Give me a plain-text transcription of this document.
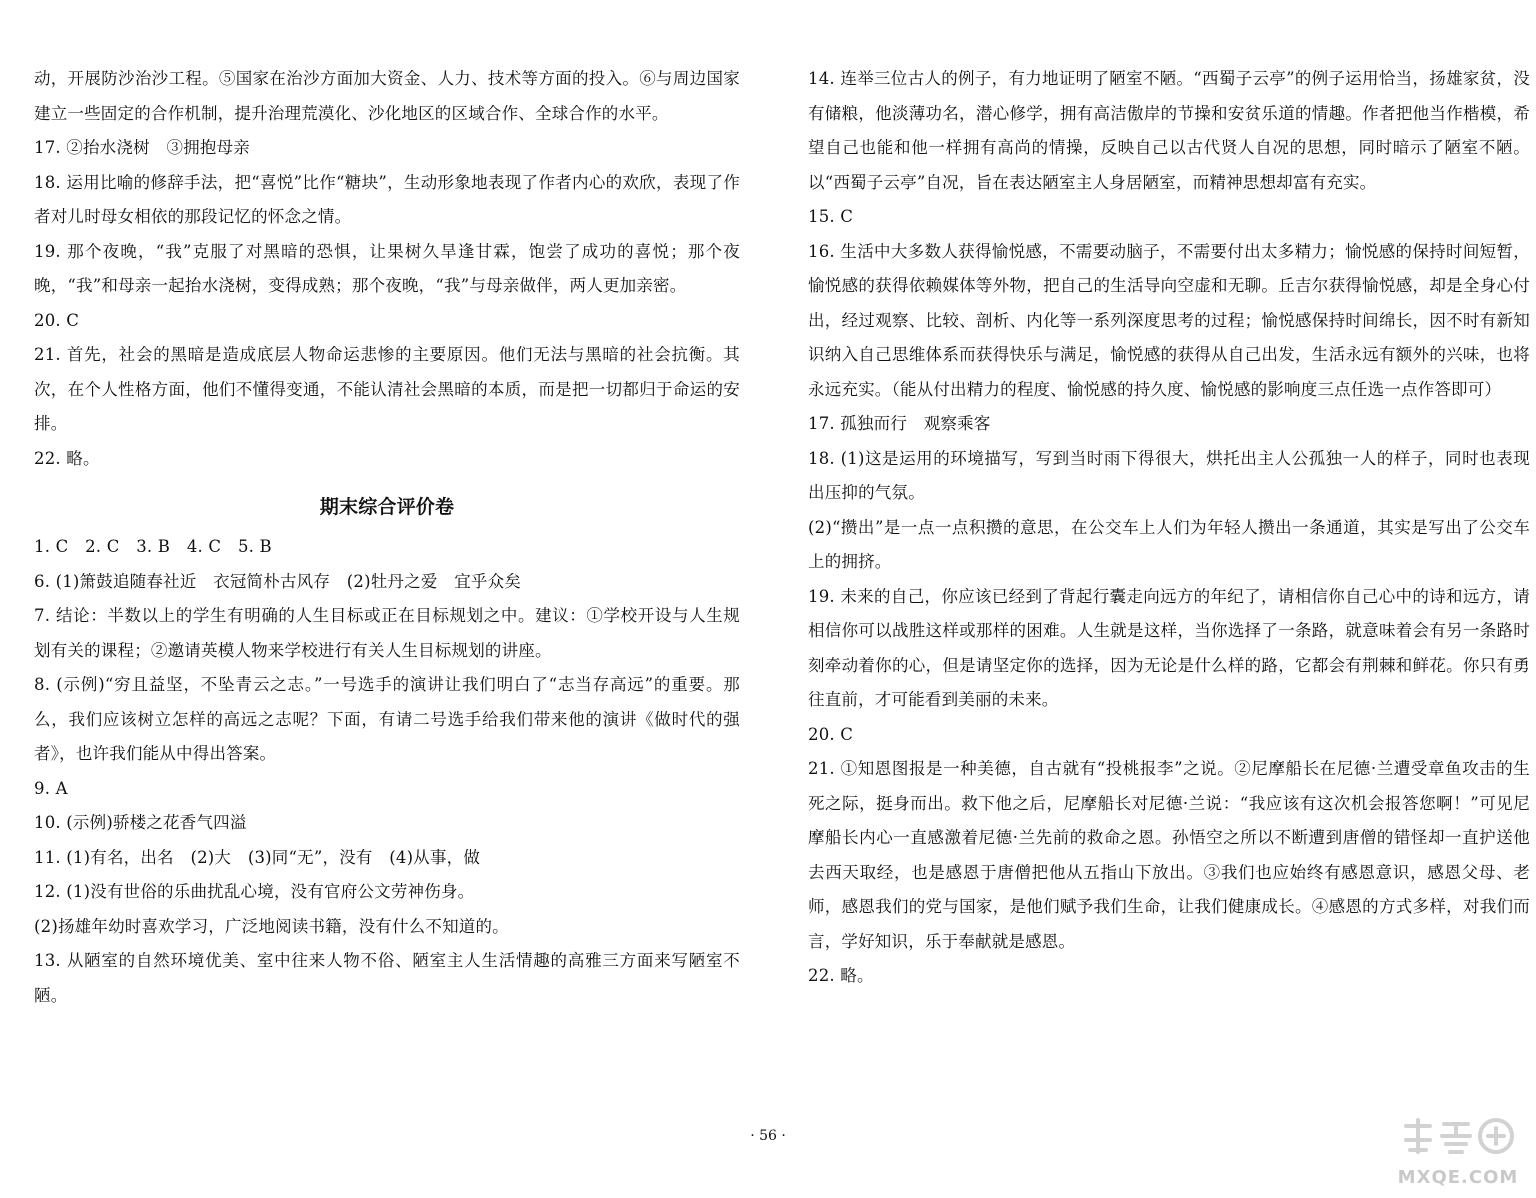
动，开展防沙治沙工程。⑤国家在治沙方面加大资金、人力、技术等方面的投入。⑥与周边国家建立一些固定的合作机制，提升治理荒漠化、沙化地区的区域合作、全球合作的水平。

17. ②抬水浇树　③拥抱母亲

18. 运用比喻的修辞手法，把“喜悦”比作“糖块”，生动形象地表现了作者内心的欢欣，表现了作者对儿时母女相依的那段记忆的怀念之情。

19. 那个夜晚，“我”克服了对黑暗的恐惧，让果树久旱逢甘霖，饱尝了成功的喜悦；那个夜晚，“我”和母亲一起抬水浇树，变得成熟；那个夜晚，“我”与母亲做伴，两人更加亲密。

20. C

21. 首先，社会的黑暗是造成底层人物命运悲惨的主要原因。他们无法与黑暗的社会抗衡。其次，在个人性格方面，他们不懂得变通，不能认清社会黑暗的本质，而是把一切都归于命运的安排。

22. 略。

期末综合评价卷

1. C　2. C　3. B　4. C　5. B

6. (1)箫鼓追随春社近　衣冠简朴古风存　(2)牡丹之爱　宜乎众矣

7. 结论：半数以上的学生有明确的人生目标或正在目标规划之中。建议：①学校开设与人生规划有关的课程；②邀请英模人物来学校进行有关人生目标规划的讲座。

8. (示例)“穷且益坚，不坠青云之志。”一号选手的演讲让我们明白了“志当存高远”的重要。那么，我们应该树立怎样的高远之志呢？下面，有请二号选手给我们带来他的演讲《做时代的强者》，也许我们能从中得出答案。

9. A

10. (示例)骄楼之花香气四溢

11. (1)有名，出名　(2)大　(3)同“无”，没有　(4)从事，做

12. (1)没有世俗的乐曲扰乱心境，没有官府公文劳神伤身。

(2)扬雄年幼时喜欢学习，广泛地阅读书籍，没有什么不知道的。

13. 从陋室的自然环境优美、室中往来人物不俗、陋室主人生活情趣的高雅三方面来写陋室不陋。

14. 连举三位古人的例子，有力地证明了陋室不陋。“西蜀子云亭”的例子运用恰当，扬雄家贫，没有储粮，他淡薄功名，潜心修学，拥有高洁傲岸的节操和安贫乐道的情趣。作者把他当作楷模，希望自己也能和他一样拥有高尚的情操，反映自己以古代贤人自况的思想，同时暗示了陋室不陋。以“西蜀子云亭”自况，旨在表达陋室主人身居陋室，而精神思想却富有充实。

15. C

16. 生活中大多数人获得愉悦感，不需要动脑子，不需要付出太多精力；愉悦感的保持时间短暂，愉悦感的获得依赖媒体等外物，把自己的生活导向空虚和无聊。丘吉尔获得愉悦感，却是全身心付出，经过观察、比较、剖析、内化等一系列深度思考的过程；愉悦感保持时间绵长，因不时有新知识纳入自己思维体系而获得快乐与满足，愉悦感的获得从自己出发，生活永远有额外的兴味，也将永远充实。（能从付出精力的程度、愉悦感的持久度、愉悦感的影响度三点任选一点作答即可）

17. 孤独而行　观察乘客

18. (1)这是运用的环境描写，写到当时雨下得很大，烘托出主人公孤独一人的样子，同时也表现出压抑的气氛。

(2)“攒出”是一点一点积攒的意思，在公交车上人们为年轻人攒出一条通道，其实是写出了公交车上的拥挤。

19. 未来的自己，你应该已经到了背起行囊走向远方的年纪了，请相信你自己心中的诗和远方，请相信你可以战胜这样或那样的困难。人生就是这样，当你选择了一条路，就意味着会有另一条路时刻牵动着你的心，但是请坚定你的选择，因为无论是什么样的路，它都会有荆棘和鲜花。你只有勇往直前，才可能看到美丽的未来。

20. C

21. ①知恩图报是一种美德，自古就有“投桃报李”之说。②尼摩船长在尼德·兰遭受章鱼攻击的生死之际，挺身而出。救下他之后，尼摩船长对尼德·兰说：“我应该有这次机会报答您啊！”可见尼摩船长内心一直感激着尼德·兰先前的救命之恩。孙悟空之所以不断遭到唐僧的错怪却一直护送他去西天取经，也是感恩于唐僧把他从五指山下放出。③我们也应始终有感恩意识，感恩父母、老师，感恩我们的党与国家，是他们赋予我们生命，让我们健康成长。④感恩的方式多样，对我们而言，学好知识，乐于奉献就是感恩。

22. 略。

· 56 ·
MXQE.COM
